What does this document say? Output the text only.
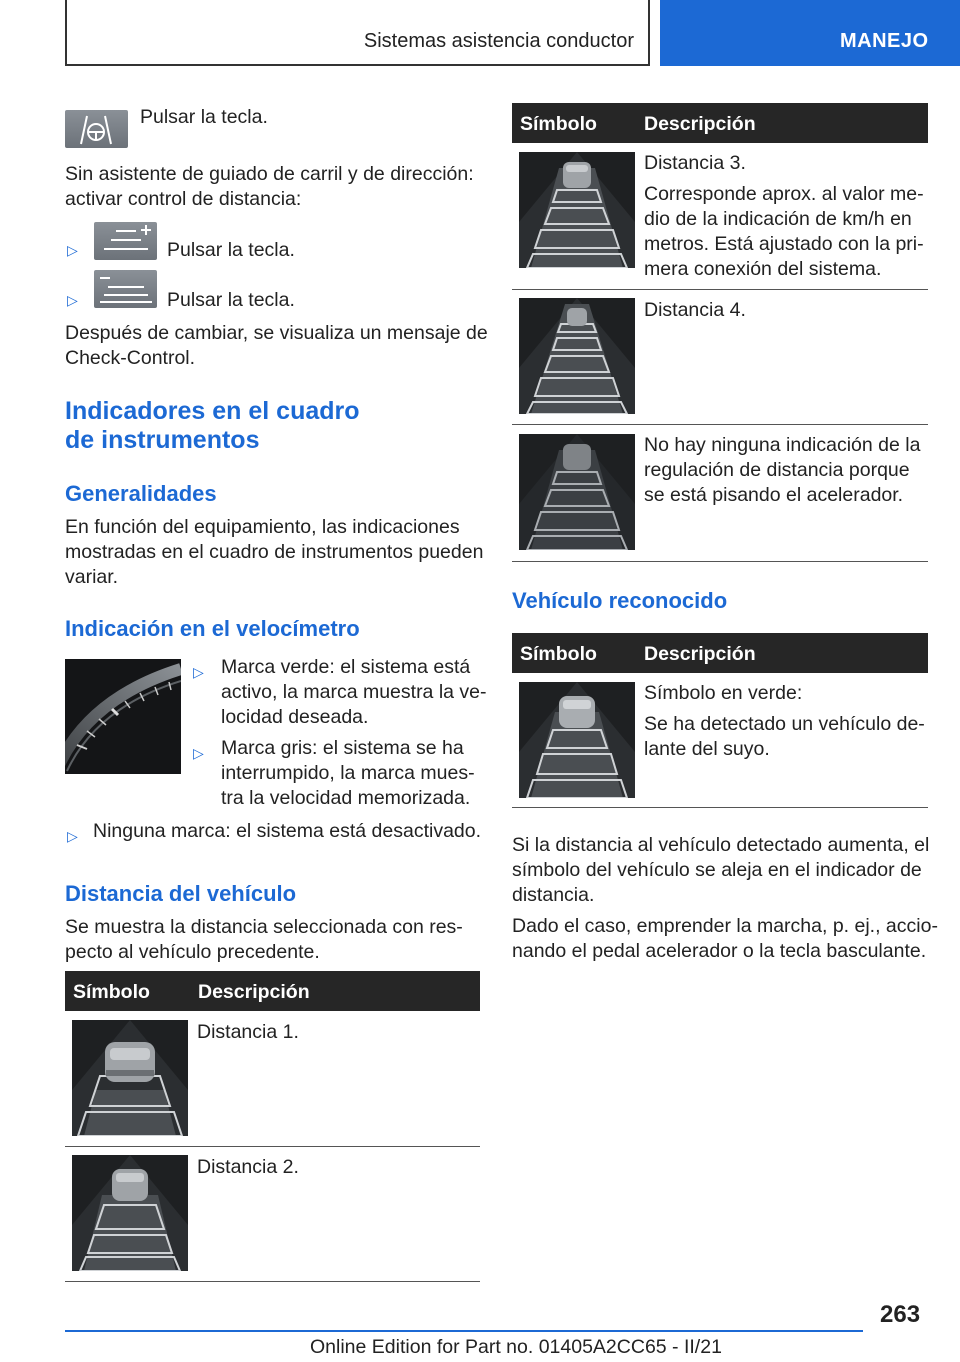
Sistemas asistencia conductor	MANEJO
Pulsar la tecla.
Sin asistente de guiado de carril y de dirección:
activar control de distancia:
▷	Pulsar la tecla.
▷	Pulsar la tecla.
Después de cambiar, se visualiza un mensaje de
Check-Control.
Indicadores en el cuadro
de instrumentos
Generalidades
En función del equipamiento, las indicaciones
mostradas en el cuadro de instrumentos pueden
variar.
Indicación en el velocímetro
▷ Marca verde: el sistema está
activo, la marca muestra la ve-
locidad deseada.
▷ Marca gris: el sistema se ha
interrumpido, la marca mues-
tra la velocidad memorizada.
▷ Ninguna marca: el sistema está desactivado.
Distancia del vehículo
Se muestra la distancia seleccionada con res-
pecto al vehículo precedente.
Símbolo Descripción
Distancia 1.
Distancia 2.
Símbolo Descripción
Distancia 3.
Corresponde aprox. al valor me-
dio de la indicación de km/h en
metros. Está ajustado con la pri-
mera conexión del sistema.
Distancia 4.
No hay ninguna indicación de la
regulación de distancia porque
se está pisando el acelerador.
Vehículo reconocido
Símbolo Descripción
Símbolo en verde:
Se ha detectado un vehículo de-
lante del suyo.
Si la distancia al vehículo detectado aumenta, el
símbolo del vehículo se aleja en el indicador de
distancia.
Dado el caso, emprender la marcha, p. ej., accio-
nando el pedal acelerador o la tecla basculante.
263
Online Edition for Part no. 01405A2CC65 - II/21
